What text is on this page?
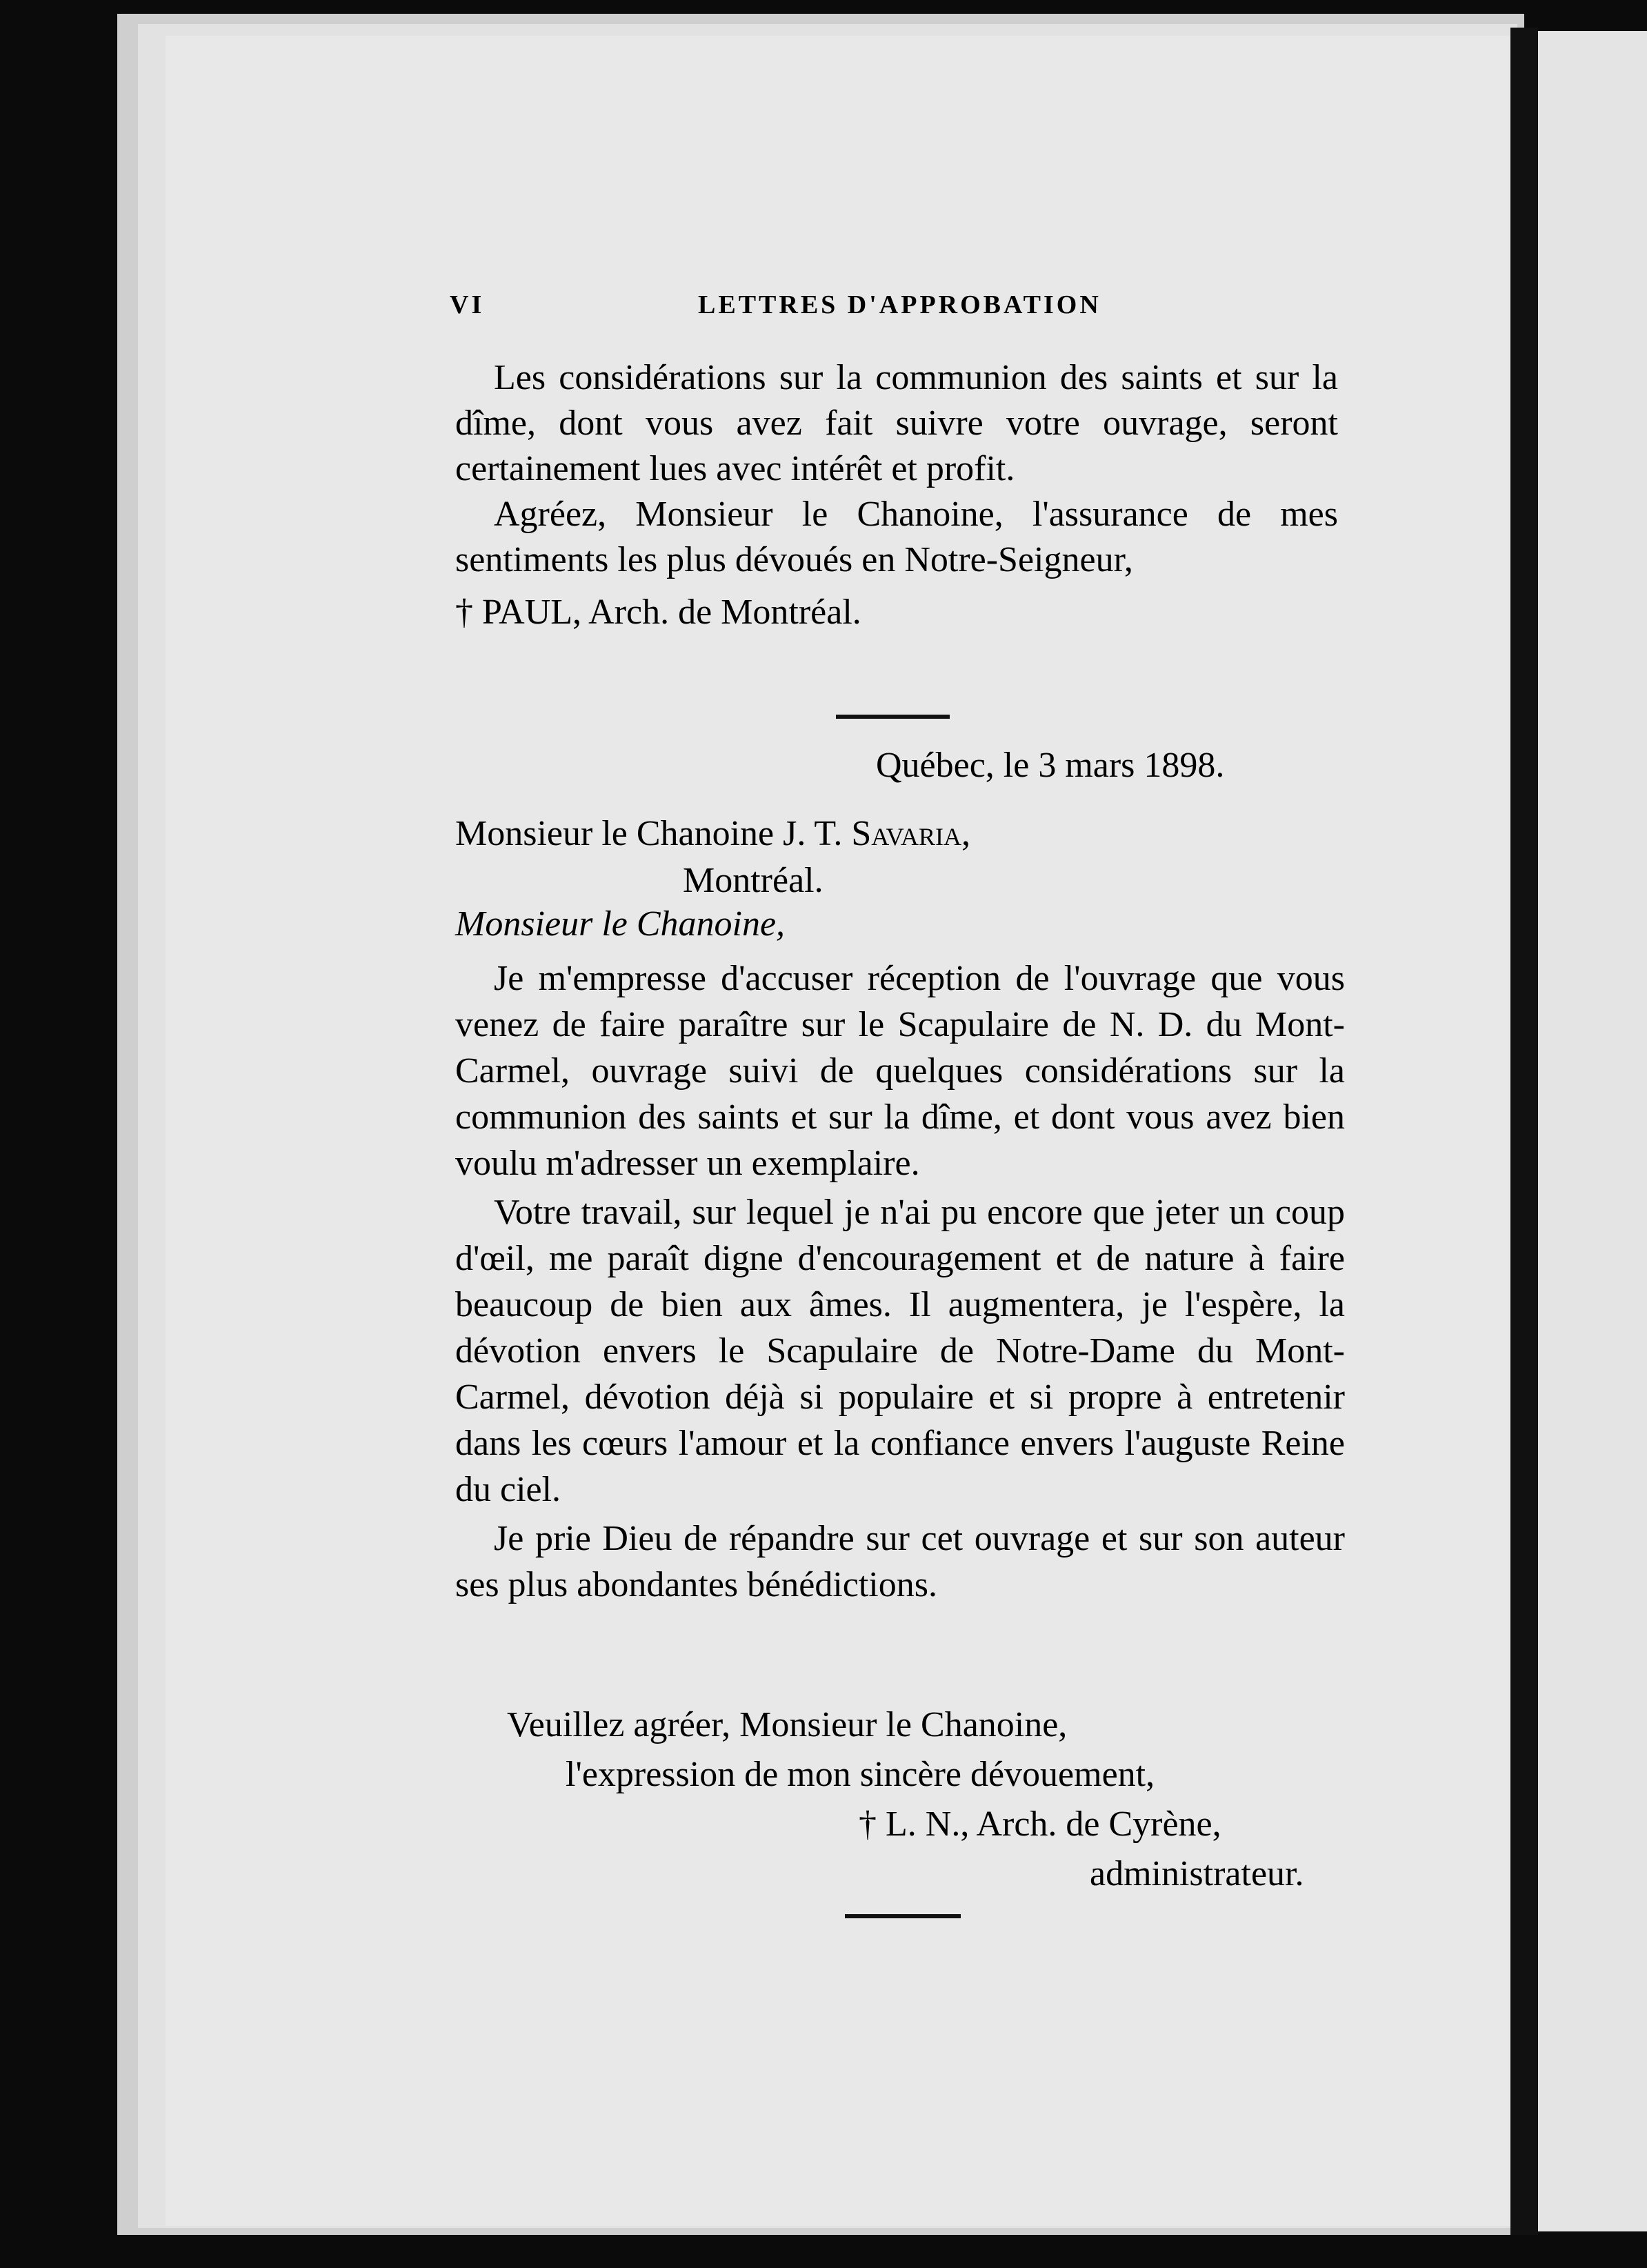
VI	LETTRES D'APPROBATION

Les considérations sur la communion des saints et sur la dîme, dont vous avez fait suivre votre ouvrage, seront certainement lues avec intérêt et profit.

Agréez, Monsieur le Chanoine, l'assurance de mes sentiments les plus dévoués en Notre-Seigneur,

† PAUL, Arch. de Montréal.

Québec, le 3 mars 1898.
Monsieur le Chanoine J. T. Savaria,
Montréal.
Monsieur le Chanoine,

Je m'empresse d'accuser réception de l'ouvrage que vous venez de faire paraître sur le Scapulaire de N. D. du Mont-Carmel, ouvrage suivi de quelques considérations sur la communion des saints et sur la dîme, et dont vous avez bien voulu m'adresser un exemplaire.

Votre travail, sur lequel je n'ai pu encore que jeter un coup d'œil, me paraît digne d'encouragement et de nature à faire beaucoup de bien aux âmes. Il augmentera, je l'espère, la dévotion envers le Scapulaire de Notre-Dame du Mont-Carmel, dévotion déjà si populaire et si propre à entretenir dans les cœurs l'amour et la confiance envers l'auguste Reine du ciel.

Je prie Dieu de répandre sur cet ouvrage et sur son auteur ses plus abondantes bénédictions.

Veuillez agréer, Monsieur le Chanoine,
l'expression de mon sincère dévouement,
† L. N., Arch. de Cyrène,
administrateur.
